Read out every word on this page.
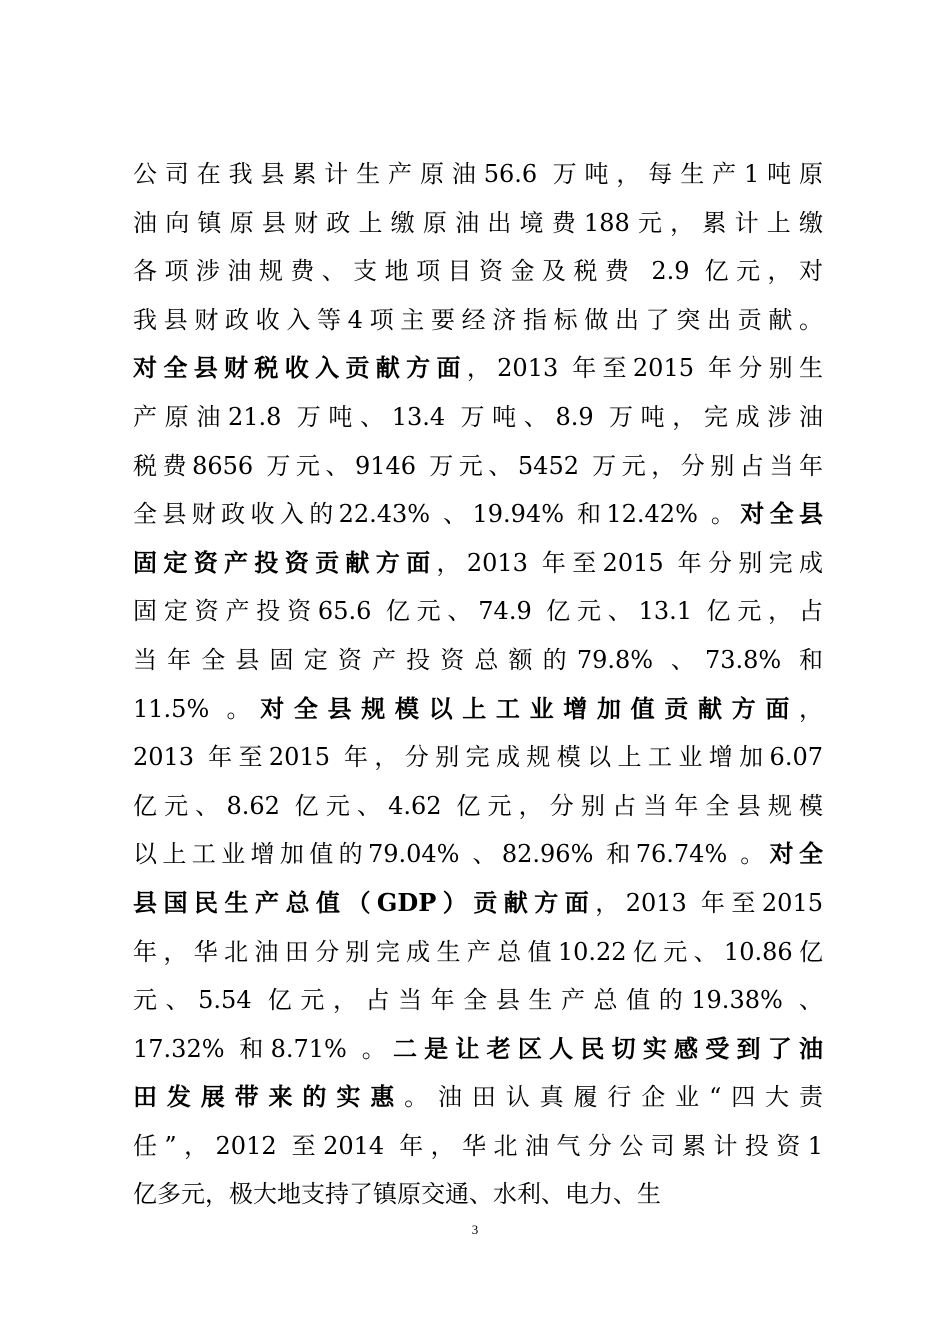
公司在我县累计生产原油56.6 万吨，每生产1吨原
油向镇原县财政上缴原油出境费188元，累计上缴
各项涉油规费、支地项目资金及税费 2.9 亿元，对
我县财政收入等4项主要经济指标做出了突出贡献。
对全县财税收入贡献方面，2013 年至2015 年分别生
产原油21.8 万吨、13.4 万吨、8.9 万吨，完成涉油
税费8656 万元、9146 万元、5452 万元，分别占当年
全县财政收入的22.43% 、19.94% 和12.42% 。对全县
固定资产投资贡献方面，2013 年至2015 年分别完成
固定资产投资65.6 亿元、74.9 亿元、13.1 亿元，占
当年全县固定资产投资总额的79.8% 、73.8% 和
11.5% 。对全县规模以上工业增加值贡献方面，
2013 年至2015 年，分别完成规模以上工业增加6.07
亿元、8.62 亿元、4.62 亿元，分别占当年全县规模
以上工业增加值的79.04% 、82.96% 和76.74% 。对全
县国民生产总值（GDP）贡献方面，2013 年至2015
年，华北油田分别完成生产总值10.22亿元、10.86亿
元、5.54 亿元，占当年全县生产总值的19.38% 、
17.32% 和8.71% 。二是让老区人民切实感受到了油
田发展带来的实惠。油田认真履行企业“四大责
任”，2012 至2014 年，华北油气分公司累计投资1
亿多元，极大地支持了镇原交通、水利、电力、生
3
